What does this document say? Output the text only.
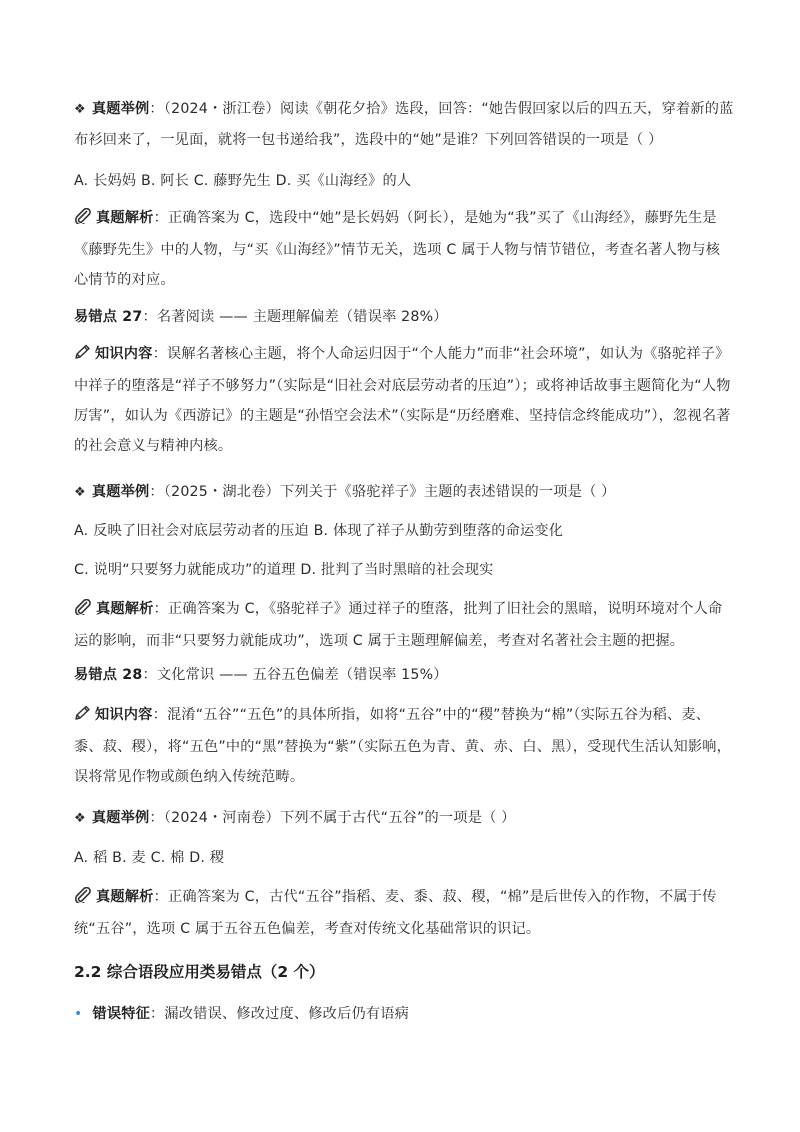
❖ 真题举例：（2024・浙江卷）阅读《朝花夕拾》选段，回答：“她告假回家以后的四五天，穿着新的蓝布衫回来了，一见面，就将一包书递给我”，选段中的“她”是谁？下列回答错误的一项是（ ）

A. 长妈妈 B. 阿长 C. 藤野先生 D. 买《山海经》的人

真题解析：正确答案为 C，选段中“她”是长妈妈（阿长），是她为“我”买了《山海经》，藤野先生是《藤野先生》中的人物，与“买《山海经》”情节无关，选项 C 属于人物与情节错位，考查名著人物与核心情节的对应。

易错点 27：名著阅读 —— 主题理解偏差（错误率 28%）

知识内容：误解名著核心主题，将个人命运归因于“个人能力”而非“社会环境”，如认为《骆驼祥子》中祥子的堕落是“祥子不够努力”（实际是“旧社会对底层劳动者的压迫”）；或将神话故事主题简化为“人物厉害”，如认为《西游记》的主题是“孙悟空会法术”（实际是“历经磨难、坚持信念终能成功”），忽视名著的社会意义与精神内核。

❖ 真题举例：（2025・湖北卷）下列关于《骆驼祥子》主题的表述错误的一项是（ ）

A. 反映了旧社会对底层劳动者的压迫 B. 体现了祥子从勤劳到堕落的命运变化

C. 说明“只要努力就能成功”的道理 D. 批判了当时黑暗的社会现实

真题解析：正确答案为 C，《骆驼祥子》通过祥子的堕落，批判了旧社会的黑暗，说明环境对个人命运的影响，而非“只要努力就能成功”，选项 C 属于主题理解偏差，考查对名著社会主题的把握。

易错点 28：文化常识 —— 五谷五色偏差（错误率 15%）

知识内容：混淆“五谷”“五色”的具体所指，如将“五谷”中的“稷”替换为“棉”（实际五谷为稻、麦、黍、菽、稷），将“五色”中的“黑”替换为“紫”（实际五色为青、黄、赤、白、黑），受现代生活认知影响，误将常见作物或颜色纳入传统范畴。

❖ 真题举例：（2024・河南卷）下列不属于古代“五谷”的一项是（ ）

A. 稻 B. 麦 C. 棉 D. 稷

真题解析：正确答案为 C，古代“五谷”指稻、麦、黍、菽、稷，“棉”是后世传入的作物，不属于传统“五谷”，选项 C 属于五谷五色偏差，考查对传统文化基础常识的识记。

2.2 综合语段应用类易错点（2 个）

• 错误特征：漏改错误、修改过度、修改后仍有语病
